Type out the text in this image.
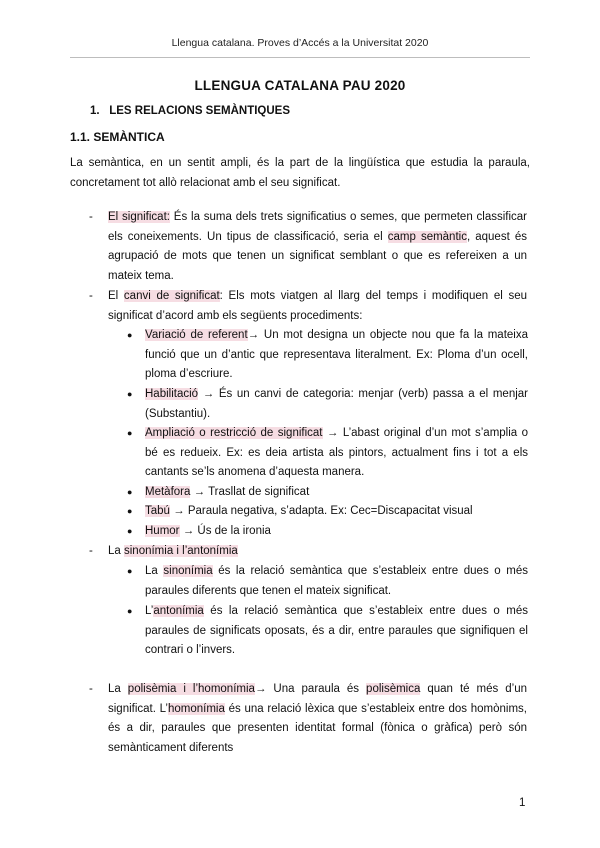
Llengua catalana. Proves d’Accés a la Universitat 2020
LLENGUA CATALANA PAU 2020
1. LES RELACIONS SEMÀNTIQUES
1.1. SEMÀNTICA
La semàntica, en un sentit ampli, és la part de la lingüística que estudia la paraula, concretament tot allò relacionat amb el seu significat.
- El significat: És la suma dels trets significatius o semes, que permeten classificar els coneixements. Un tipus de classificació, seria el camp semàntic, aquest és agrupació de mots que tenen un significat semblant o que es refereixen a un mateix tema.
- El canvi de significat: Els mots viatgen al llarg del temps i modifiquen el seu significat d’acord amb els següents procediments:
● Variació de referent→ Un mot designa un objecte nou que fa la mateixa funció que un d’antic que representava literalment. Ex: Ploma d’un ocell, ploma d’escriure.
● Habilitació → És un canvi de categoria: menjar (verb) passa a el menjar (Substantiu).
● Ampliació o restricció de significat → L’abast original d’un mot s’amplia o bé es redueix. Ex: es deia artista als pintors, actualment fins i tot a els cantants se’ls anomena d’aquesta manera.
● Metàfora → Trasllat de significat
● Tabú → Paraula negativa, s’adapta. Ex: Cec=Discapacitat visual
● Humor → Ús de la ironia
- La sinonímia i l’antonímia
● La sinonímia és la relació semàntica que s’estableix entre dues o més paraules diferents que tenen el mateix significat.
● L’antonímia és la relació semàntica que s’estableix entre dues o més paraules de significats oposats, és a dir, entre paraules que signifiquen el contrari o l’invers.
- La polisèmia i l’homonímia→ Una paraula és polisèmica quan té més d’un significat. L’homonímia és una relació lèxica que s’estableix entre dos homònims, és a dir, paraules que presenten identitat formal (fònica o gràfica) però són semànticament diferents
1
